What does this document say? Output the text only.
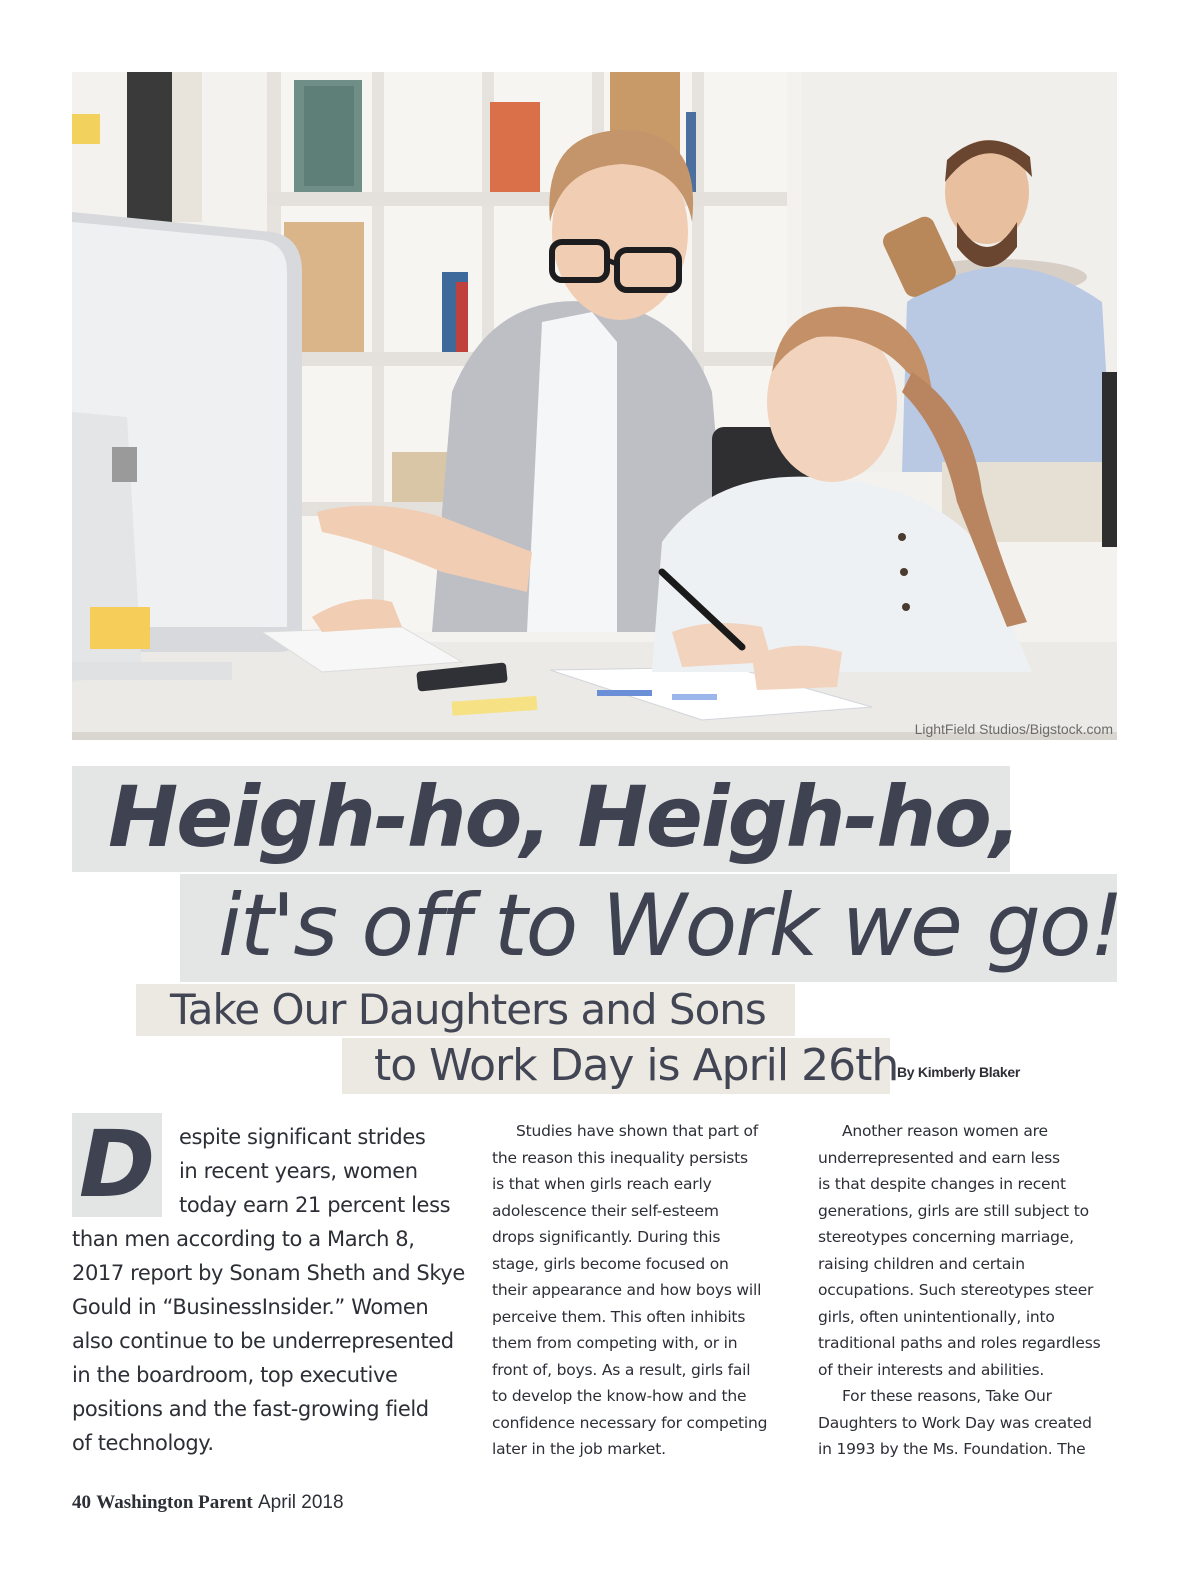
LightField Studios/Bigstock.com
Heigh-ho, Heigh-ho,
it's off to Work we go!
Take Our Daughters and Sons
to Work Day is April 26th
By Kimberly Blaker
D	espite significant strides
in recent years, women
today earn 21 percent less
than men according to a March 8,
2017 report by Sonam Sheth and Skye
Gould in “BusinessInsider.” Women
also continue to be underrepresented
in the boardroom, top executive
positions and the fast-growing field
of technology.
Studies have shown that part of
the reason this inequality persists
is that when girls reach early
adolescence their self-esteem
drops significantly. During this
stage, girls become focused on
their appearance and how boys will
perceive them. This often inhibits
them from competing with, or in
front of, boys. As a result, girls fail
to develop the know-how and the
confidence necessary for competing
later in the job market.
Another reason women are
underrepresented and earn less
is that despite changes in recent
generations, girls are still subject to
stereotypes concerning marriage,
raising children and certain
occupations. Such stereotypes steer
girls, often unintentionally, into
traditional paths and roles regardless
of their interests and abilities.
For these reasons, Take Our
Daughters to Work Day was created
in 1993 by the Ms. Foundation. The
40 Washington Parent April 2018
